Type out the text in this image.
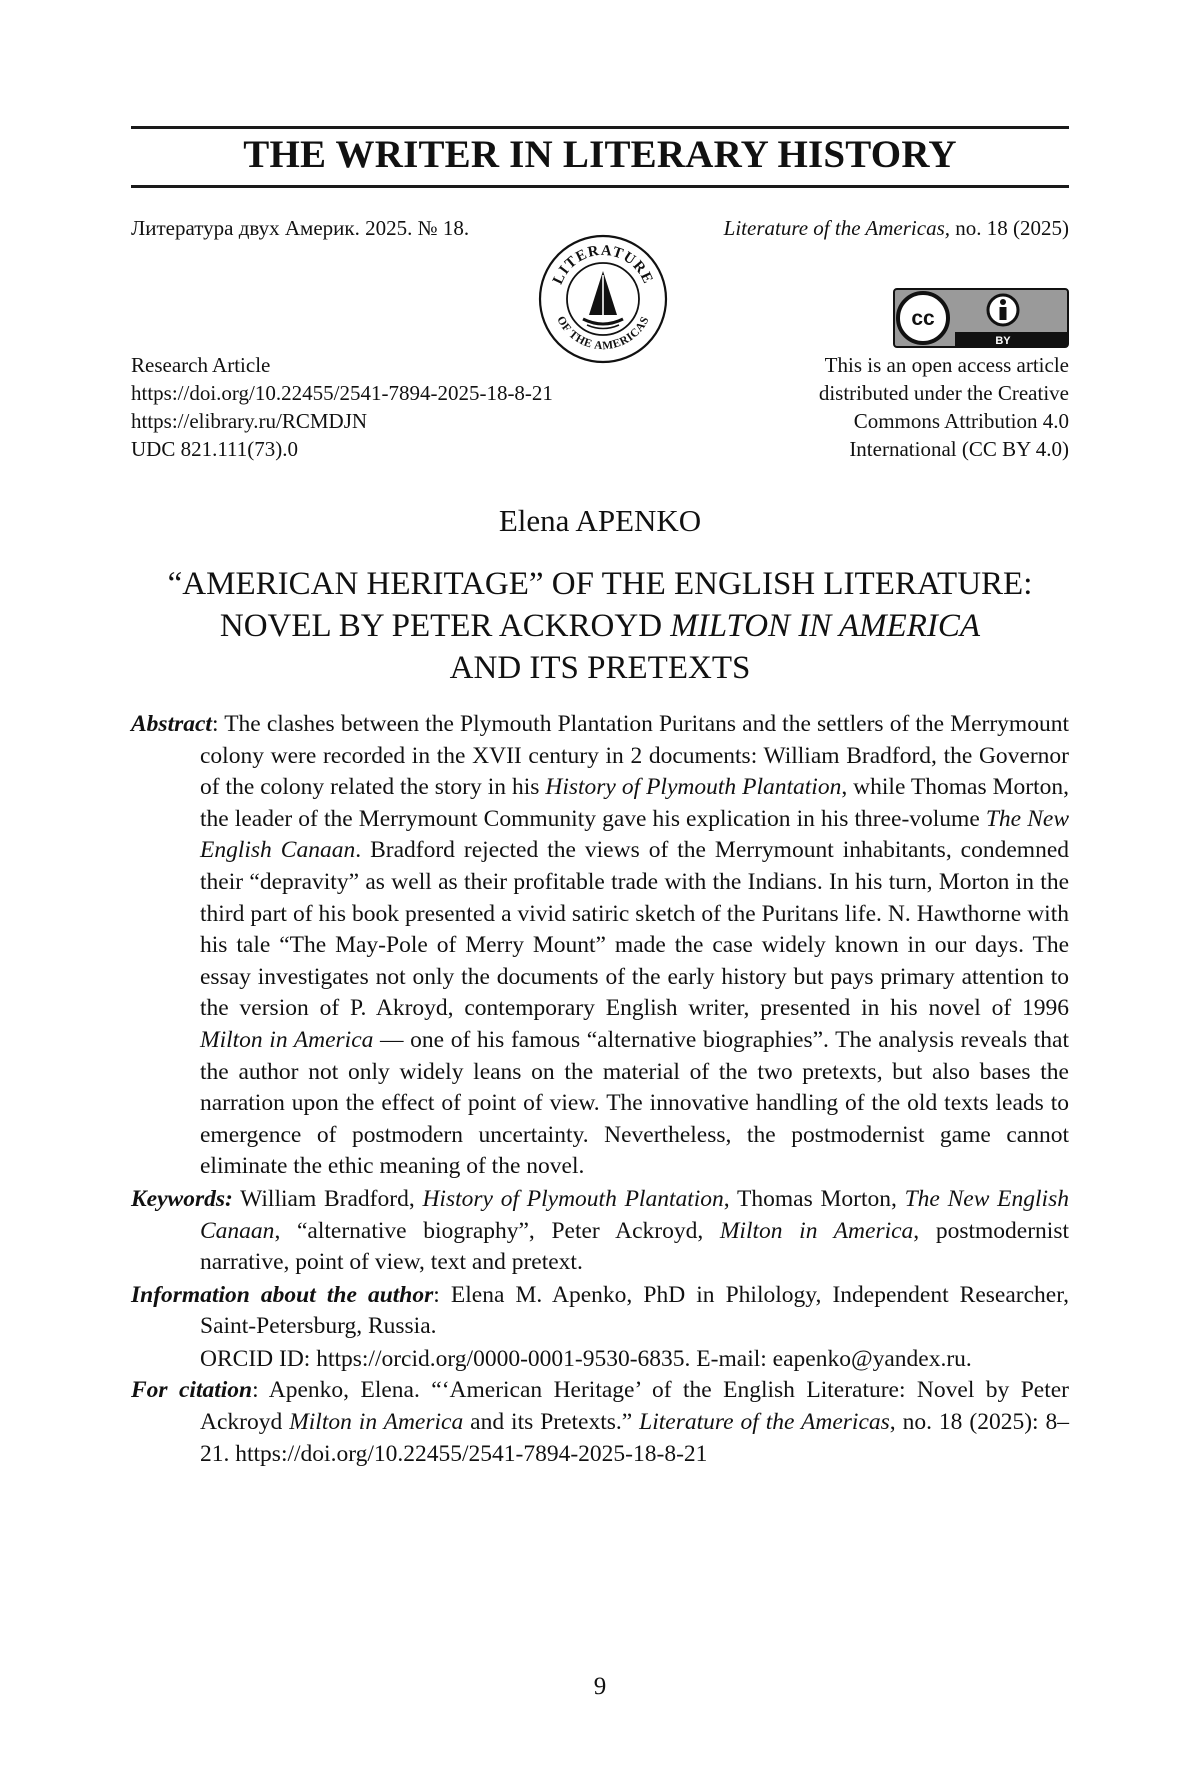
THE WRITER IN LITERARY HISTORY
Литература двух Америк. 2025. № 18.	Literature of the Americas, no. 18 (2025)
LITERATURE
OF THE AMERICAS	cc
BY
Research Article
https://doi.org/10.22455/2541-7894-2025-18-8-21
https://elibrary.ru/RCMDJN
UDC 821.111(73).0
This is an open access article
distributed under the Creative
Commons Attribution 4.0
International (CC BY 4.0)
Elena APENKO
“AMERICAN HERITAGE” OF THE ENGLISH LITERATURE:
NOVEL BY PETER ACKROYD MILTON IN AMERICA
AND ITS PRETEXTS

Abstract: The clashes between the Plymouth Plantation Puritans and the settlers of the Merrymount colony were recorded in the XVII century in 2 documents: William Bradford, the Governor of the colony related the story in his History of Plymouth Plantation, while Thomas Morton, the leader of the Merrymount Community gave his explication in his three-volume The New English Canaan. Bradford rejected the views of the Merrymount inhabitants, condemned their “depravity” as well as their profitable trade with the Indians. In his turn, Morton in the third part of his book presented a vivid satiric sketch of the Puritans life. N. Hawthorne with his tale “The May-Pole of Merry Mount” made the case widely known in our days. The essay investigates not only the documents of the early history but pays primary attention to the version of P. Akroyd, contemporary English writer, presented in his novel of 1996 Milton in America — one of his famous “alternative biographies”. The analysis reveals that the author not only widely leans on the material of the two pretexts, but also bases the narration upon the effect of point of view. The innovative handling of the old texts leads to emergence of postmodern uncertainty. Nevertheless, the postmodernist game cannot eliminate the ethic meaning of the novel.

Keywords: William Bradford, History of Plymouth Plantation, Thomas Morton, The New English Canaan, “alternative biography”, Peter Ackroyd, Milton in America, postmodernist narrative, point of view, text and pretext.

Information about the author: Elena M. Apenko, PhD in Philology, Independent Researcher, Saint-Petersburg, Russia.

ORCID ID: https://orcid.org/0000-0001-9530-6835. E-mail: eapenko@yandex.ru.

For citation: Apenko, Elena. “‘American Heritage’ of the English Literature: Novel by Peter Ackroyd Milton in America and its Pretexts.” Literature of the Americas, no. 18 (2025): 8–21. https://doi.org/10.22455/2541-7894-2025-18-8-21

9
